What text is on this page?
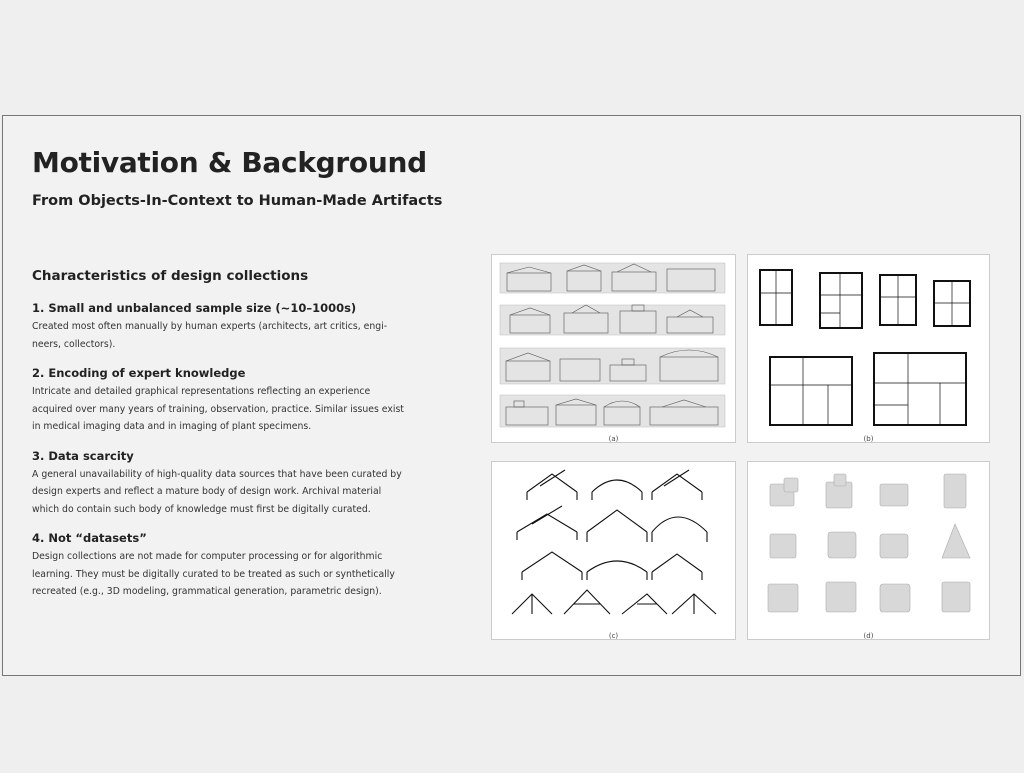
Motivation & Background
From Objects-In-Context to Human-Made Artifacts
Characteristics of design collections
1. Small and unbalanced sample size (~10–1000s)
Created most often manually by human experts (architects, art critics, engi-neers, collectors).
2. Encoding of expert knowledge
Intricate and detailed graphical representations reflecting an experience acquired over many years of training, observation, practice. Similar issues exist in medical imaging data and in imaging of plant specimens.
3. Data scarcity
A general unavailability of high-quality data sources that have been curated by design experts and reflect a mature body of design work. Archival material which do contain such body of knowledge must first be digitally curated.
4. Not “datasets”
Design collections are not made for computer processing or for algorithmic learning. They must be digitally curated to be treated as such or synthetically recreated (e.g., 3D modeling, grammatical generation, parametric design).
(a)	(b)
(c)	(d)
